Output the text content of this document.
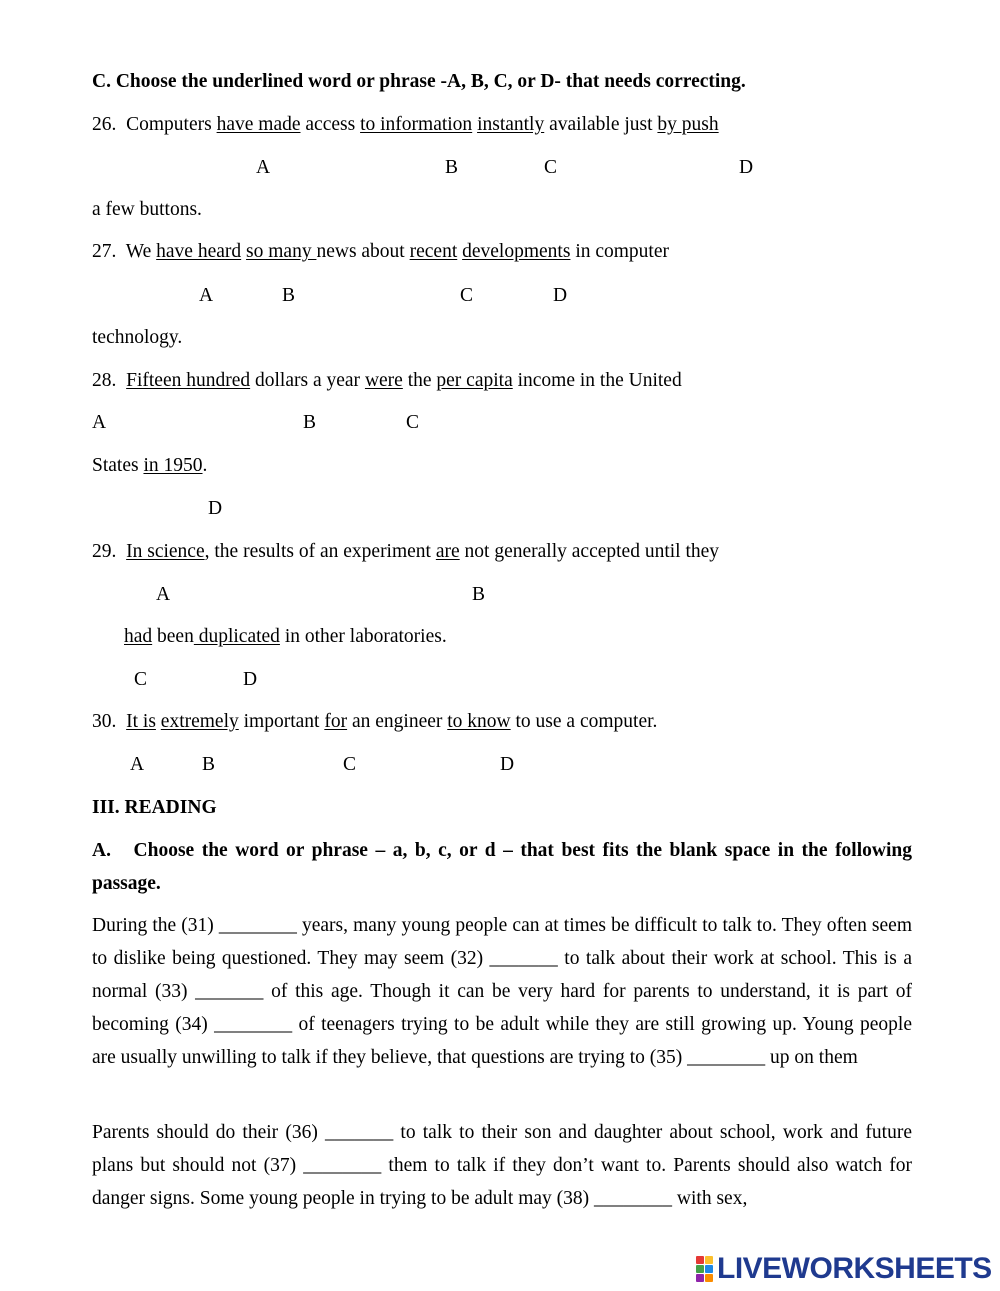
C. Choose the underlined word or phrase -A, B, C, or D- that needs correcting.
26. Computers have made access to information instantly available just by push
A	B	C	D
a few buttons.
27. We have heard so many news about recent developments in computer
A	B	C	D
technology.
28. Fifteen hundred dollars a year were the per capita income in the United
A	B	C
States in 1950.
D
29. In science, the results of an experiment are not generally accepted until they
A	B
had been duplicated in other laboratories.
C	D
30. It is extremely important for an engineer to know to use a computer.
A	B	C	D
III. READING
A. Choose the word or phrase – a, b, c, or d – that best fits the blank space in the following passage.
During the (31) ________ years, many young people can at times be difficult to talk to. They often seem to dislike being questioned. They may seem (32) _______ to talk about their work at school. This is a normal (33) _______ of this age. Though it can be very hard for parents to understand, it is part of becoming (34) ________ of teenagers trying to be adult while they are still growing up. Young people are usually unwilling to talk if they believe, that questions are trying to (35) ________ up on them
Parents should do their (36) _______ to talk to their son and daughter about school, work and future plans but should not (37) ________ them to talk if they don’t want to. Parents should also watch for danger signs. Some young people in trying to be adult may (38) ________ with sex,
LIVEWORKSHEETS
